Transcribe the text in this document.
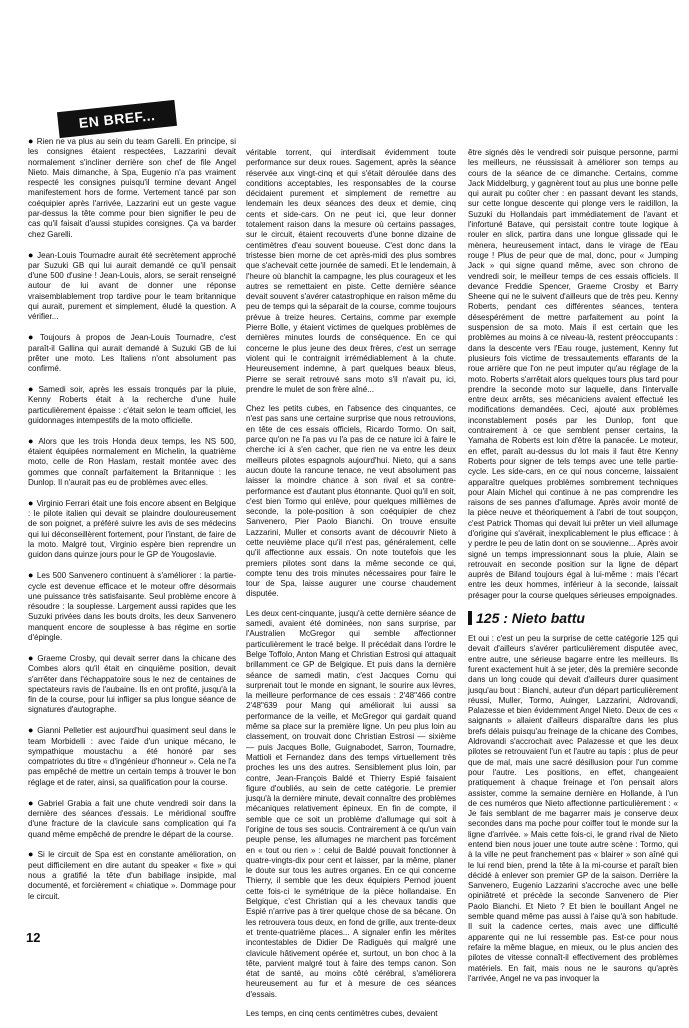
EN BREF...

● Rien ne va plus au sein du team Garelli. En principe, si les consignes étaient respectées, Lazzarini devait normalement s'incliner derrière son chef de file Angel Nieto. Mais dimanche, à Spa, Eugenio n'a pas vraiment respecté les consignes puisqu'il termine devant Angel manifestement hors de forme. Vertement tancé par son coéquipier après l'arrivée, Lazzarini eut un geste vague par-dessus la tête comme pour bien signifier le peu de cas qu'il faisait d'aussi stupides consignes. Ça va barder chez Garelli.

● Jean-Louis Tournadre aurait été secrètement approché par Suzuki GB qui lui aurait demandé ce qu'il pensait d'une 500 d'usine ! Jean-Louis, alors, se serait renseigné autour de lui avant de donner une réponse vraisemblablement trop tardive pour le team britannique qui aurait, purement et simplement, éludé la question. A vérifier...

● Toujours à propos de Jean-Louis Tournadre, c'est paraît-il Gallina qui aurait demandé à Suzuki GB de lui prêter une moto. Les Italiens n'ont absolument pas confirmé.

● Samedi soir, après les essais tronqués par la pluie, Kenny Roberts était à la recherche d'une huile particulièrement épaisse : c'était selon le team officiel, les guidonnages intempestifs de la moto officielle.

● Alors que les trois Honda deux temps, les NS 500, étaient équipées normalement en Michelin, la quatrième moto, celle de Ron Haslam, restait montée avec des gommes que connaît parfaitement la Britannique : les Dunlop. Il n'aurait pas eu de problèmes avec elles.

● Virginio Ferrari était une fois encore absent en Belgique : le pilote italien qui devait se plaindre douloureusement de son poignet, a préféré suivre les avis de ses médecins qui lui déconseillèrent fortement, pour l'instant, de faire de la moto. Malgré tout, Virginio espère bien reprendre un guidon dans quinze jours pour le GP de Yougoslavie.

● Les 500 Sanvenero continuent à s'améliorer : la partie-cycle est devenue efficace et le moteur offre désormais une puissance très satisfaisante. Seul problème encore à résoudre : la souplesse. Largement aussi rapides que les Suzuki privées dans les bouts droits, les deux Sanvenero manquent encore de souplesse à bas régime en sortie d'épingle.

● Graeme Crosby, qui devait serrer dans la chicane des Combes alors qu'il était en cinquième position, devait s'arrêter dans l'échappatoire sous le nez de centaines de spectateurs ravis de l'aubaine. Ils en ont profité, jusqu'à la fin de la course, pour lui infliger sa plus longue séance de signatures d'autographe.

● Gianni Pelletier est aujourd'hui quasiment seul dans le team Morbidelli : avec l'aide d'un unique mécano, le sympathique moustachu a été honoré par ses compatriotes du titre « d'ingénieur d'honneur ». Cela ne l'a pas empêché de mettre un certain temps à trouver le bon réglage et de rater, ainsi, sa qualification pour la course.

● Gabriel Grabia a fait une chute vendredi soir dans la dernière des séances d'essais. Le méridional souffre d'une fracture de la clavicule sans complication qui l'a quand même empêché de prendre le départ de la course.

● Si le circuit de Spa est en constante amélioration, on peut difficilement en dire autant du speaker « fixe » qui nous a gratifié la tête d'un babillage insipide, mal documenté, et forcièrement « chiatique ». Dommage pour le circuit.

véritable torrent, qui interdisait évidemment toute performance sur deux roues. Sagement, après la séance réservée aux vingt-cinq et qui s'était déroulée dans des conditions acceptables, les responsables de la course décidaient purement et simplement de remettre au lendemain les deux séances des deux et demie, cinq cents et side-cars. On ne peut ici, que leur donner totalement raison dans la mesure où certains passages, sur le circuit, étaient recouverts d'une bonne dizaine de centimètres d'eau souvent boueuse. C'est donc dans la tristesse bien morne de cet après-midi des plus sombres que s'achevait cette journée de samedi. Et le lendemain, à l'heure où blanchit la campagne, les plus courageux et les autres se remettaient en piste. Cette dernière séance devait souvent s'avérer catastrophique en raison même du peu de temps qui la séparait de la course, comme toujours prévue à treize heures. Certains, comme par exemple Pierre Bolle, y étaient victimes de quelques problèmes de dernières minutes lourds de conséquence. En ce qui concerne le plus jeune des deux frères, c'est un serrage violent qui le contraignit irrémédiablement à la chute. Heureusement indemne, à part quelques beaux bleus, Pierre se serait retrouvé sans moto s'il n'avait pu, ici, prendre le mulet de son frère aîné...

Chez les petits cubes, en l'absence des cinquantes, ce n'est pas sans une certaine surprise que nous retrouvions, en tête de ces essais officiels, Ricardo Tormo. On sait, parce qu'on ne l'a pas vu l'a pas de ce nature ici à faire le cherche ici à s'en cacher, que rien ne va entre les deux meilleurs pilotes espagnols aujourd'hui. Nieto, qui a sans aucun doute la rancune tenace, ne veut absolument pas laisser la moindre chance à son rival et sa contre-performance est d'autant plus étonnante. Quoi qu'il en soit, c'est bien Tormo qui enlève, pour quelques millièmes de seconde, la pole-position à son coéquipier de chez Sanvenero, Pier Paolo Bianchi. On trouve ensuite Lazzarini, Muller et consorts avant de découvrir Nieto à cette neuvième place qu'il n'est pas, généralement, celle qu'il affectionne aux essais. On note toutefois que les premiers pilotes sont dans la même seconde ce qui, compte tenu des trois minutes nécessaires pour faire le tour de Spa, laisse augurer une course chaudement disputée.

Les deux cent-cinquante, jusqu'à cette dernière séance de samedi, avaient été dominées, non sans surprise, par l'Australien McGregor qui semble affectionner particulièrement le tracé belge. Il précédait dans l'ordre le Belge Toffolo, Anton Mang et Christian Estrosi qui attaquait brillamment ce GP de Belgique. Et puis dans la dernière séance de samedi matin, c'est Jacques Cornu qui surprenait tout le monde en signant, le sourire aux lèvres, la meilleure performance de ces essais : 2'48"466 contre 2'48"639 pour Mang qui améliorait lui aussi sa performance de la veille, et McGregor qui gardait quand même sa place sur la première ligne. Un peu plus loin au classement, on trouvait donc Christian Estrosi — sixième — puis Jacques Bolle, Guignabodet, Sarron, Tournadre, Mattioli et Fernandez dans des temps virtuellement très proches les uns des autres. Sensiblement plus loin, par contre, Jean-François Baldé et Thierry Espié faisaient figure d'oubliés, au sein de cette catégorie. Le premier jusqu'à la dernière minute, devait connaître des problèmes mécaniques relativement épineux. En fin de compte, il semble que ce soit un problème d'allumage qui soit à l'origine de tous ses soucis. Contrairement à ce qu'un vain peuple pense, les allumages ne marchent pas forcément en « tout ou rien » : celui de Baldé pouvait fonctionner à quatre-vingts-dix pour cent et laisser, par la même, planer le doute sur tous les autres organes. En ce qui concerne Thierry, il semble que les deux équipiers Pernod jouent cette fois-ci le symétrique de la pièce hollandaise. En Belgique, c'est Christian qui a les chevaux tandis que Espié n'arrive pas à tirer quelque chose de sa bécane. On les retrouvera tous deux, en fond de grille, aux trente-deux et trente-quatrième places... A signaler enfin les mérites incontestables de Didier De Radiguès qui malgré une clavicule hâtivement opérée et, surtout, un bon choc à la tête, parvient malgré tout à faire des temps canon. Son état de santé, au moins côté cérébral, s'améliorera heureusement au fur et à mesure de ces séances d'essais.

Les temps, en cinq cents centimètres cubes, devaient

être signés dès le vendredi soir puisque personne, parmi les meilleurs, ne réussissait à améliorer son temps au cours de la séance de ce dimanche. Certains, comme Jack Middelburg, y gagnèrent tout au plus une bonne pelle qui aurait pu coûter cher : en passant devant les stands, sur cette longue descente qui plonge vers le raidillon, la Suzuki du Hollandais part immédiatement de l'avant et l'infortuné Batave, qui persistait contre toute logique à rouler en slick, partira dans une longue glissade qui le mènera, heureusement intact, dans le virage de l'Eau rouge ! Plus de peur que de mal, donc, pour « Jumping Jack » qui signe quand même, avec son chrono de vendredi soir, le meilleur temps de ces essais officiels. Il devance Freddie Spencer, Graeme Crosby et Barry Sheene qui ne le suivent d'ailleurs que de très peu. Kenny Roberts, pendant ces différentes séances, tentera désespérément de mettre parfaitement au point la suspension de sa moto. Mais il est certain que les problèmes au moins à ce niveau-là, restent préoccupants : dans la descente vers l'Eau rouge, justement, Kenny fut plusieurs fois victime de tressautements effarants de la roue arrière que l'on ne peut imputer qu'au réglage de la moto. Roberts s'arrêtait alors quelques tours plus tard pour prendre la seconde moto sur laquelle, dans l'intervalle entre deux arrêts, ses mécaniciens avaient effectué les modifications demandées. Ceci, ajouté aux problèmes inconstablement posés par les Dunlop, font que contrairement à ce que semblent penser certains, la Yamaha de Roberts est loin d'être la panacée. Le moteur, en effet, paraît au-dessus du lot mais il faut être Kenny Roberts pour signer de tels temps avec une telle partie-cycle. Les side-cars, en ce qui nous concerne, laissaient apparaître quelques problèmes sombrement techniques pour Alain Michel qui continue à ne pas comprendre les raisons de ses pannes d'allumage. Après avoir monté de la pièce neuve et théoriquement à l'abri de tout soupçon, c'est Patrick Thomas qui devait lui prêter un vieil allumage d'origine qui s'avérait, inexplicablement le plus efficace : à y perdre le peu de latin dont on se souvienne... Après avoir signé un temps impressionnant sous la pluie, Alain se retrouvait en seconde position sur la ligne de départ auprès de Biland toujours égal à lui-même : mais l'écart entre les deux hommes, inférieur à la seconde, laissait présager pour la course quelques sérieuses empoignades.

125 : Nieto battu

Et oui : c'est un peu la surprise de cette catégorie 125 qui devait d'ailleurs s'avérer particulièrement disputée avec, entre autre, une sérieuse bagarre entre les meilleurs. Ils furent exactement huit à se jeter, dès la première seconde dans un long coude qui devait d'ailleurs durer quasiment jusqu'au bout : Bianchi, auteur d'un départ particulièrement réussi, Muller, Tormo, Auinger, Lazzarini, Aldrovandi, Palazesse et bien évidemment Angel Nieto. Deux de ces « saignants » allaient d'ailleurs disparaître dans les plus brefs délais puisqu'au freinage de la chicane des Combes, Aldrovandi s'accrochait avec Palazesse et que les deux pilotes se retrouvaient l'un et l'autre au tapis : plus de peur que de mal, mais une sacré désillusion pour l'un comme pour l'autre. Les positions, en effet, changeaient pratiquement à chaque freinage et l'on pensait alors assister, comme la semaine dernière en Hollande, à l'un de ces numéros que Nieto affectionne particulièrement : « Je fais semblant de me bagarrer mais je conserve deux secondes dans ma poche pour coiffer tout le monde sur la ligne d'arrivée. » Mais cette fois-ci, le grand rival de Nieto entend bien nous jouer une toute autre scène : Tormo, qui à la ville ne peut franchement pas « blairer » son aîné qui le lui rend bien, prend la tête à la mi-course et paraît bien décidé à enlever son premier GP de la saison. Derrière la Sanvenero, Eugenio Lazzarini s'accroche avec une belle opiniâtreté et précède la seconde Sanvenero de Pier Paolo Bianchi. Et Nieto ? Et bien le bouillant Angel ne semble quand même pas aussi à l'aise qu'à son habitude. Il suit la cadence certes, mais avec une difficulté apparente qui ne lui ressemble pas. Est-ce pour nous refaire la même blague, en mieux, ou le plus ancien des pilotes de vitesse connaît-il effectivement des problèmes matériels. En fait, mais nous ne le saurons qu'après l'arrivée, Angel ne va pas invoquer la

12
